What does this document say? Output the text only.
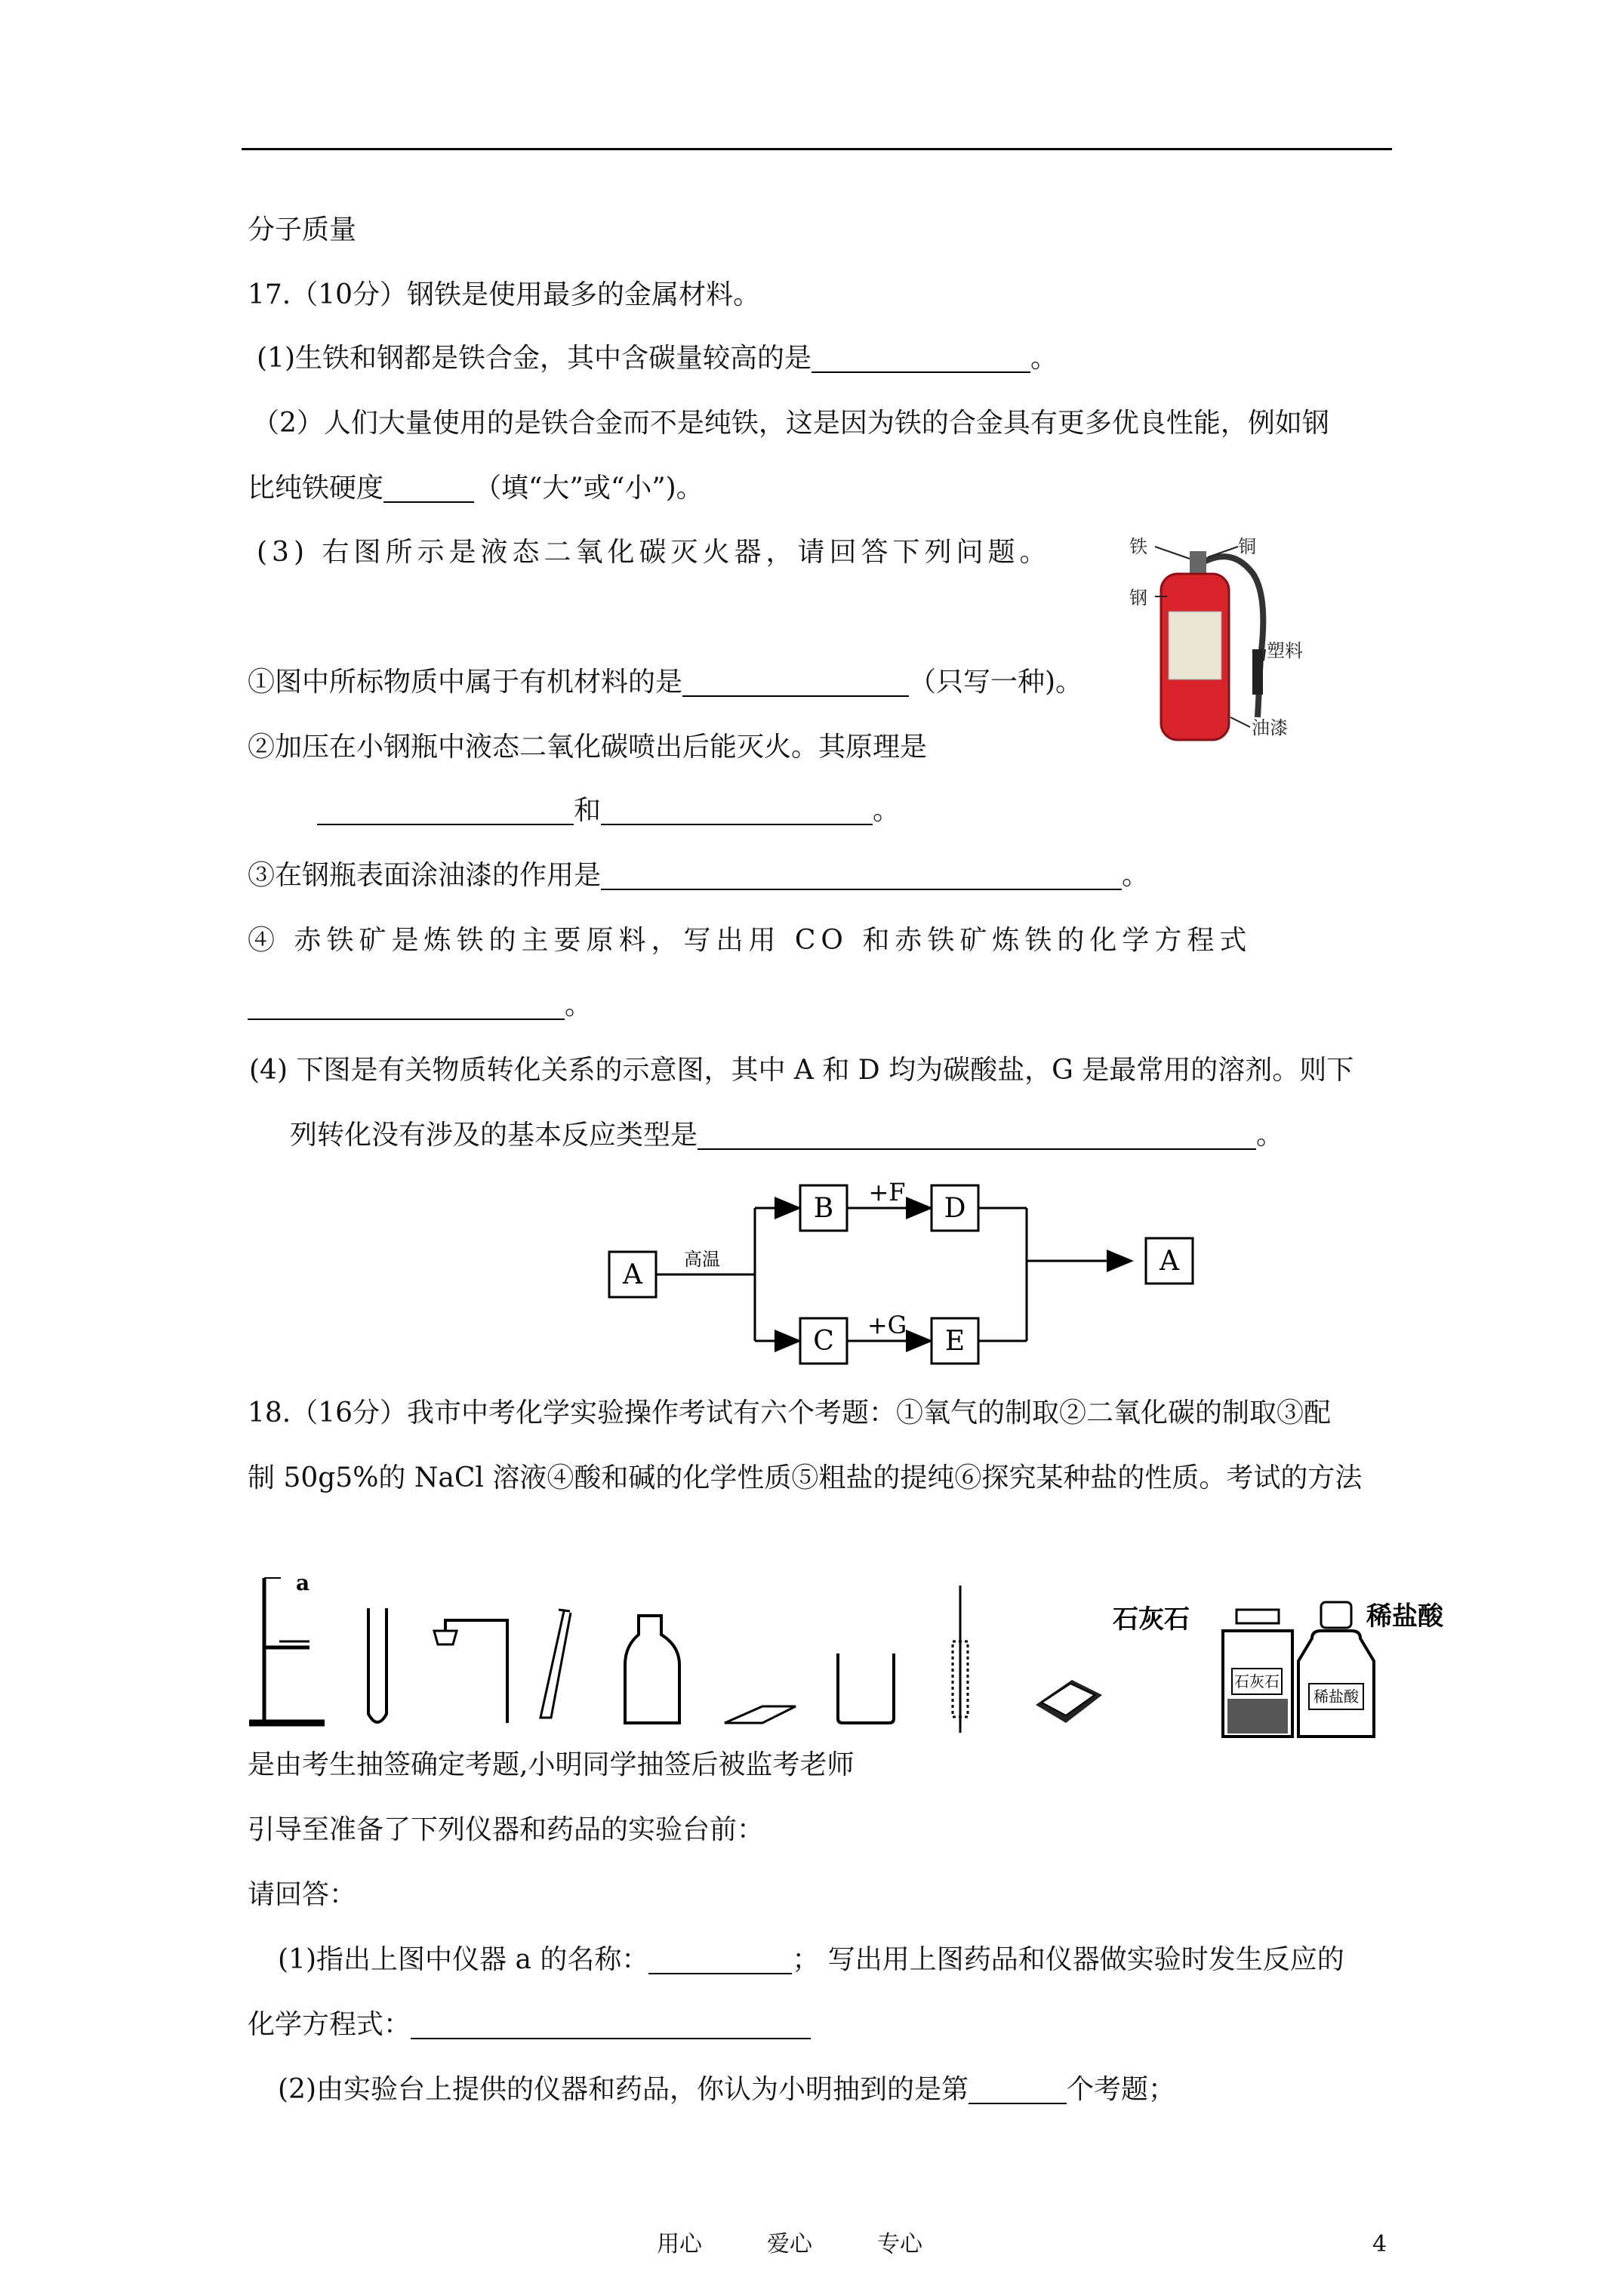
分子质量
17.（10分）钢铁是使用最多的金属材料。
(1)生铁和钢都是铁合金，其中含碳量较高的是	。
（2）人们大量使用的是铁合金而不是纯铁，这是因为铁的合金具有更多优良性能，例如钢
比纯铁硬度	（填“大”或“小”)。
(3) 右图所示是液态二氧化碳灭火器，请回答下列问题。
①图中所标物质中属于有机材料的是	（只写一种)。
②加压在小钢瓶中液态二氧化碳喷出后能灭火。其原理是
和	。
③在钢瓶表面涂油漆的作用是	。
④ 赤铁矿是炼铁的主要原料，写出用 CO 和赤铁矿炼铁的化学方程式
。
(4) 下图是有关物质转化关系的示意图，其中 A 和 D 均为碳酸盐，G 是最常用的溶剂。则下
列转化没有涉及的基本反应类型是	。
铁	铜
钢
塑料
油漆
A 高温
B
C
+F
+G
D
E
A
18.（16分）我市中考化学实验操作考试有六个考题：①氧气的制取②二氧化碳的制取③配
制 50g5%的 NaCl 溶液④酸和碱的化学性质⑤粗盐的提纯⑥探究某种盐的性质。考试的方法
a
石灰石
石灰石
稀盐酸
稀盐酸
是由考生抽签确定考题,小明同学抽签后被监考老师
引导至准备了下列仪器和药品的实验台前：
请回答：
(1)指出上图中仪器 a 的名称：	； 写出用上图药品和仪器做实验时发生反应的
化学方程式：
(2)由实验台上提供的仪器和药品，你认为小明抽到的是第	个考题；
用心	爱心	专心	4
